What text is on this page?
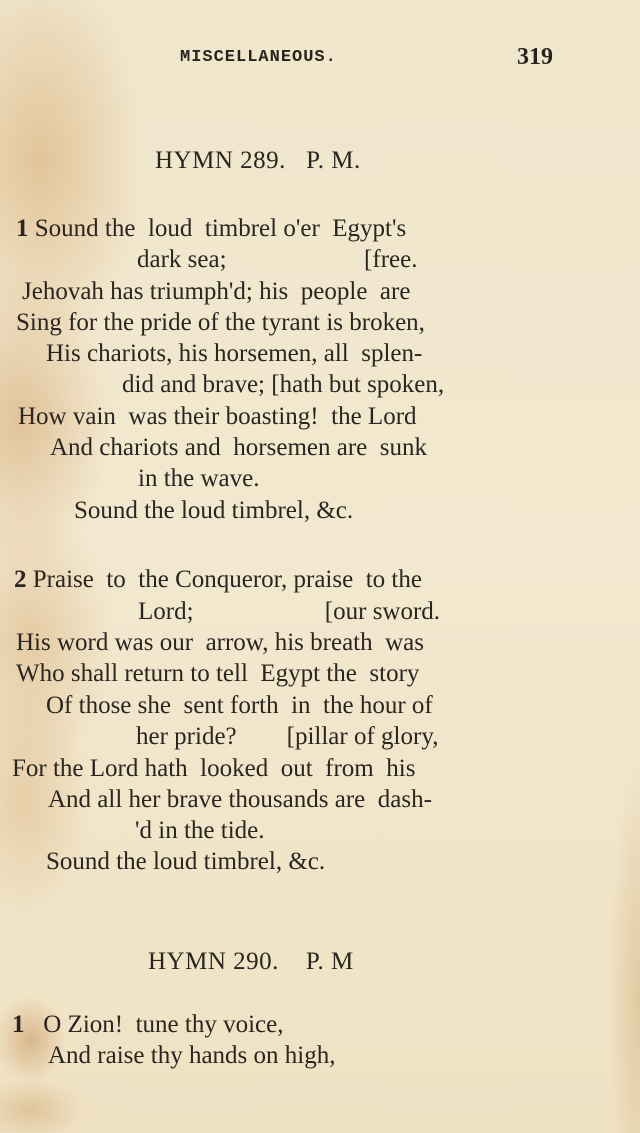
MISCELLANEOUS.	319
HYMN 289.   P. M.
1 Sound the  loud  timbrel o'er  Egypt's
dark sea;                      [free.
Jehovah has triumph'd; his  people  are
Sing for the pride of the tyrant is broken,
His chariots, his horsemen, all  splen-
did and brave; [hath but spoken,
How vain  was their boasting!  the Lord
And chariots and  horsemen are  sunk
in the wave.
Sound the loud timbrel, &c.
2 Praise  to  the Conqueror, praise  to the
Lord;                     [our sword.
His word was our  arrow, his breath  was
Who shall return to tell  Egypt the  story
Of those she  sent forth  in  the hour of
her pride?        [pillar of glory,
For the Lord hath  looked  out  from  his
And all her brave thousands are  dash-
'd in the tide.
Sound the loud timbrel, &c.
HYMN 290.    P. M
1 O Zion!  tune thy voice,
And raise thy hands on high,
